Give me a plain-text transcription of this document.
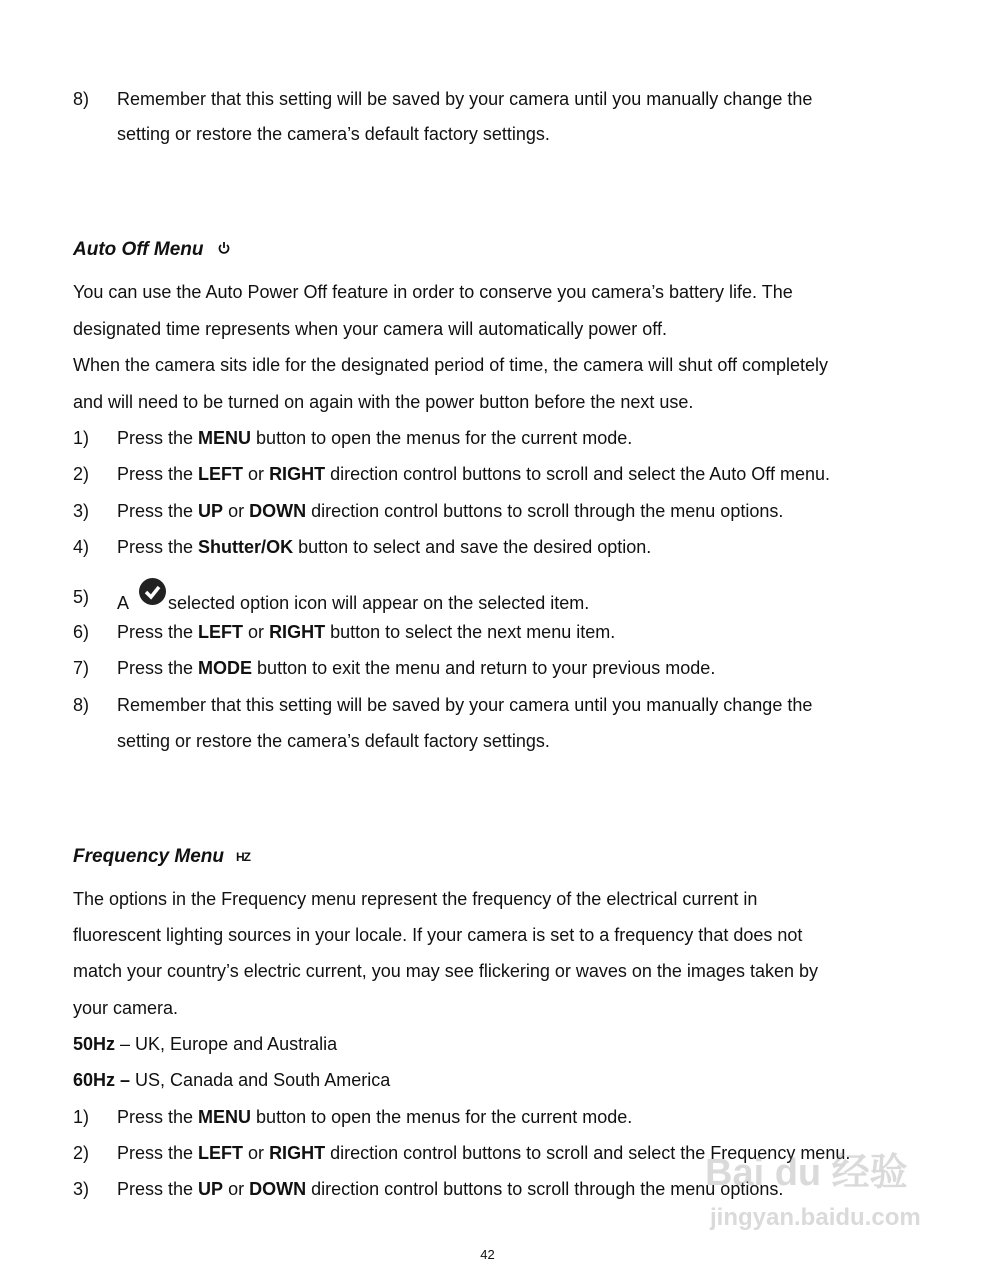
8) Remember that this setting will be saved by your camera until you manually change the
setting or restore the camera’s default factory settings.
Auto Off Menu
You can use the Auto Power Off feature in order to conserve you camera’s battery life. The
designated time represents when your camera will automatically power off.
When the camera sits idle for the designated period of time, the camera will shut off completely
and will need to be turned on again with the power button before the next use.
1) Press the MENU button to open the menus for the current mode.
2) Press the LEFT or RIGHT direction control buttons to scroll and select the Auto Off menu.
3) Press the UP or DOWN direction control buttons to scroll through the menu options.
4) Press the Shutter/OK button to select and save the desired option.
5) A selected option icon will appear on the selected item.
6) Press the LEFT or RIGHT button to select the next menu item.
7) Press the MODE button to exit the menu and return to your previous mode.
8) Remember that this setting will be saved by your camera until you manually change the
setting or restore the camera’s default factory settings.
Frequency Menu $^{HZ}$
The options in the Frequency menu represent the frequency of the electrical current in
fluorescent lighting sources in your locale. If your camera is set to a frequency that does not
match your country’s electric current, you may see flickering or waves on the images taken by
your camera.
50Hz – UK, Europe and Australia
60Hz – US, Canada and South America
1) Press the MENU button to open the menus for the current mode.
2) Press the LEFT or RIGHT direction control buttons to scroll and select the Frequency menu.
3) Press the UP or DOWN direction control buttons to scroll through the menu options.
Bai du 经验
jingyan.baidu.com
42
